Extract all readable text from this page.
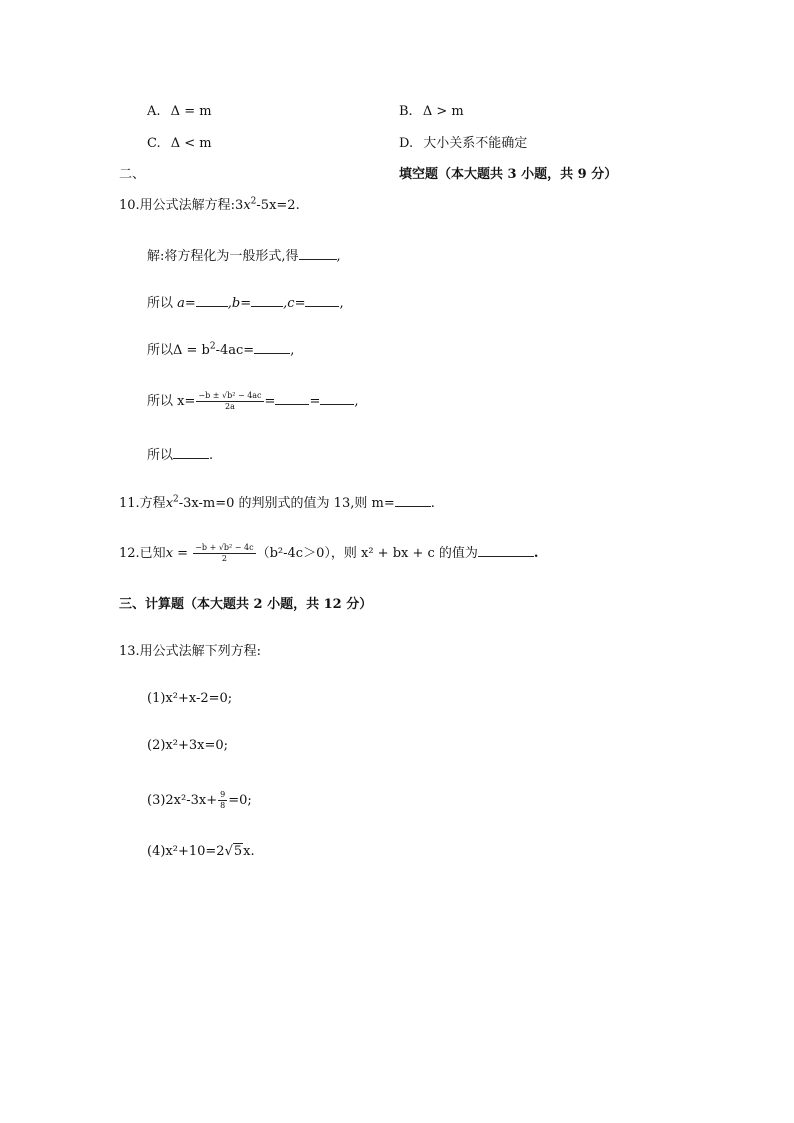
A. Δ = m	B. Δ > m
C. Δ < m	D. 大小关系不能确定
二、	填空题（本大题共 3 小题，共 9 分）
10.用公式法解方程$:3x^2-5x=2$.
解:将方程化为一般形式,得	,
所以 a= ,b= ,c=	,
所以$\Delta = b^2-4ac=$	,
所以 $x= \frac{\text{−b ± √b² − 4ac}}{2a}$ =	=	,
所以	.
11.方程$x^2-3x-m=0$ 的判别式的值为 13,则 m=	.
12.已知$x = \frac{\text{−b + √b² − 4c}}{2} (b^2-4c>0)$，则 x² + bx + c 的值为	.
三、计算题（本大题共 2 小题，共 12 分）
13.用公式法解下列方程:
(1)x²+x-2=0;
(2)x²+3x=0;
$(3)2x^2-3x+ \frac{9}{8} =0$;
(4)x²+10=2√5x.
